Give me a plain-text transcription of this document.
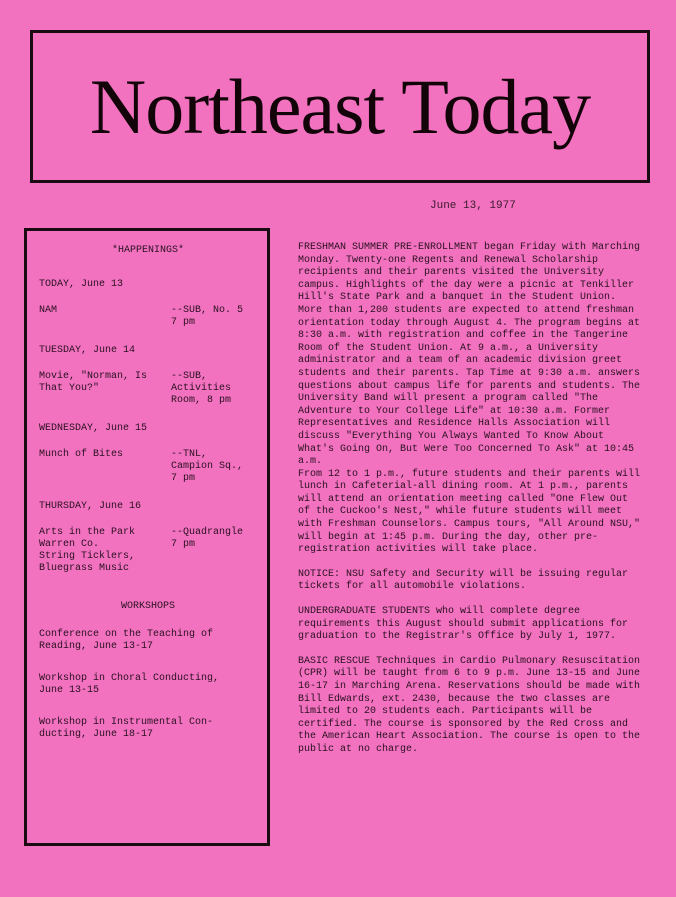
Northeast Today
June 13, 1977
*HAPPENINGS*
TODAY, June 13
NAM	--SUB, No. 5
7 pm
TUESDAY, June 14
Movie, "Norman, Is
That You?"
--SUB,
Activities
Room, 8 pm
WEDNESDAY, June 15
Munch of Bites	--TNL,
Campion Sq.,
7 pm
THURSDAY, June 16
Arts in the Park
Warren Co.
String Ticklers,
Bluegrass Music
--Quadrangle
7 pm
WORKSHOPS
Conference on the Teaching of
Reading, June 13-17
Workshop in Choral Conducting,
June 13-15
Workshop in Instrumental Con-
ducting, June 18-17

FRESHMAN SUMMER PRE-ENROLLMENT began Friday with Marching Monday. Twenty-one Regents and Renewal Scholarship recipients and their parents visited the University campus. Highlights of the day were a picnic at Tenkiller Hill's State Park and a banquet in the Student Union. More than 1,200 students are expected to attend freshman orientation today through August 4. The program begins at 8:30 a.m. with registration and coffee in the Tangerine Room of the Student Union. At 9 a.m., a University administrator and a team of an academic division greet students and their parents. Tap Time at 9:30 a.m. answers questions about campus life for parents and students. The University Band will present a program called "The Adventure to Your College Life" at 10:30 a.m. Former Representatives and Residence Halls Association will discuss "Everything You Always Wanted To Know About What's Going On, But Were Too Concerned To Ask" at 10:45 a.m.

From 12 to 1 p.m., future students and their parents will lunch in Cafeterial-all dining room. At 1 p.m., parents will attend an orientation meeting called "One Flew Out of the Cuckoo's Nest," while future students will meet with Freshman Counselors. Campus tours, "All Around NSU," will begin at 1:45 p.m. During the day, other pre-registration activities will take place.

NOTICE: NSU Safety and Security will be issuing regular tickets for all automobile violations.

UNDERGRADUATE STUDENTS who will complete degree requirements this August should submit applications for graduation to the Registrar's Office by July 1, 1977.

BASIC RESCUE Techniques in Cardio Pulmonary Resuscitation (CPR) will be taught from 6 to 9 p.m. June 13-15 and June 16-17 in Marching Arena. Reservations should be made with Bill Edwards, ext. 2430, because the two classes are limited to 20 students each. Participants will be certified. The course is sponsored by the Red Cross and the American Heart Association. The course is open to the public at no charge.
